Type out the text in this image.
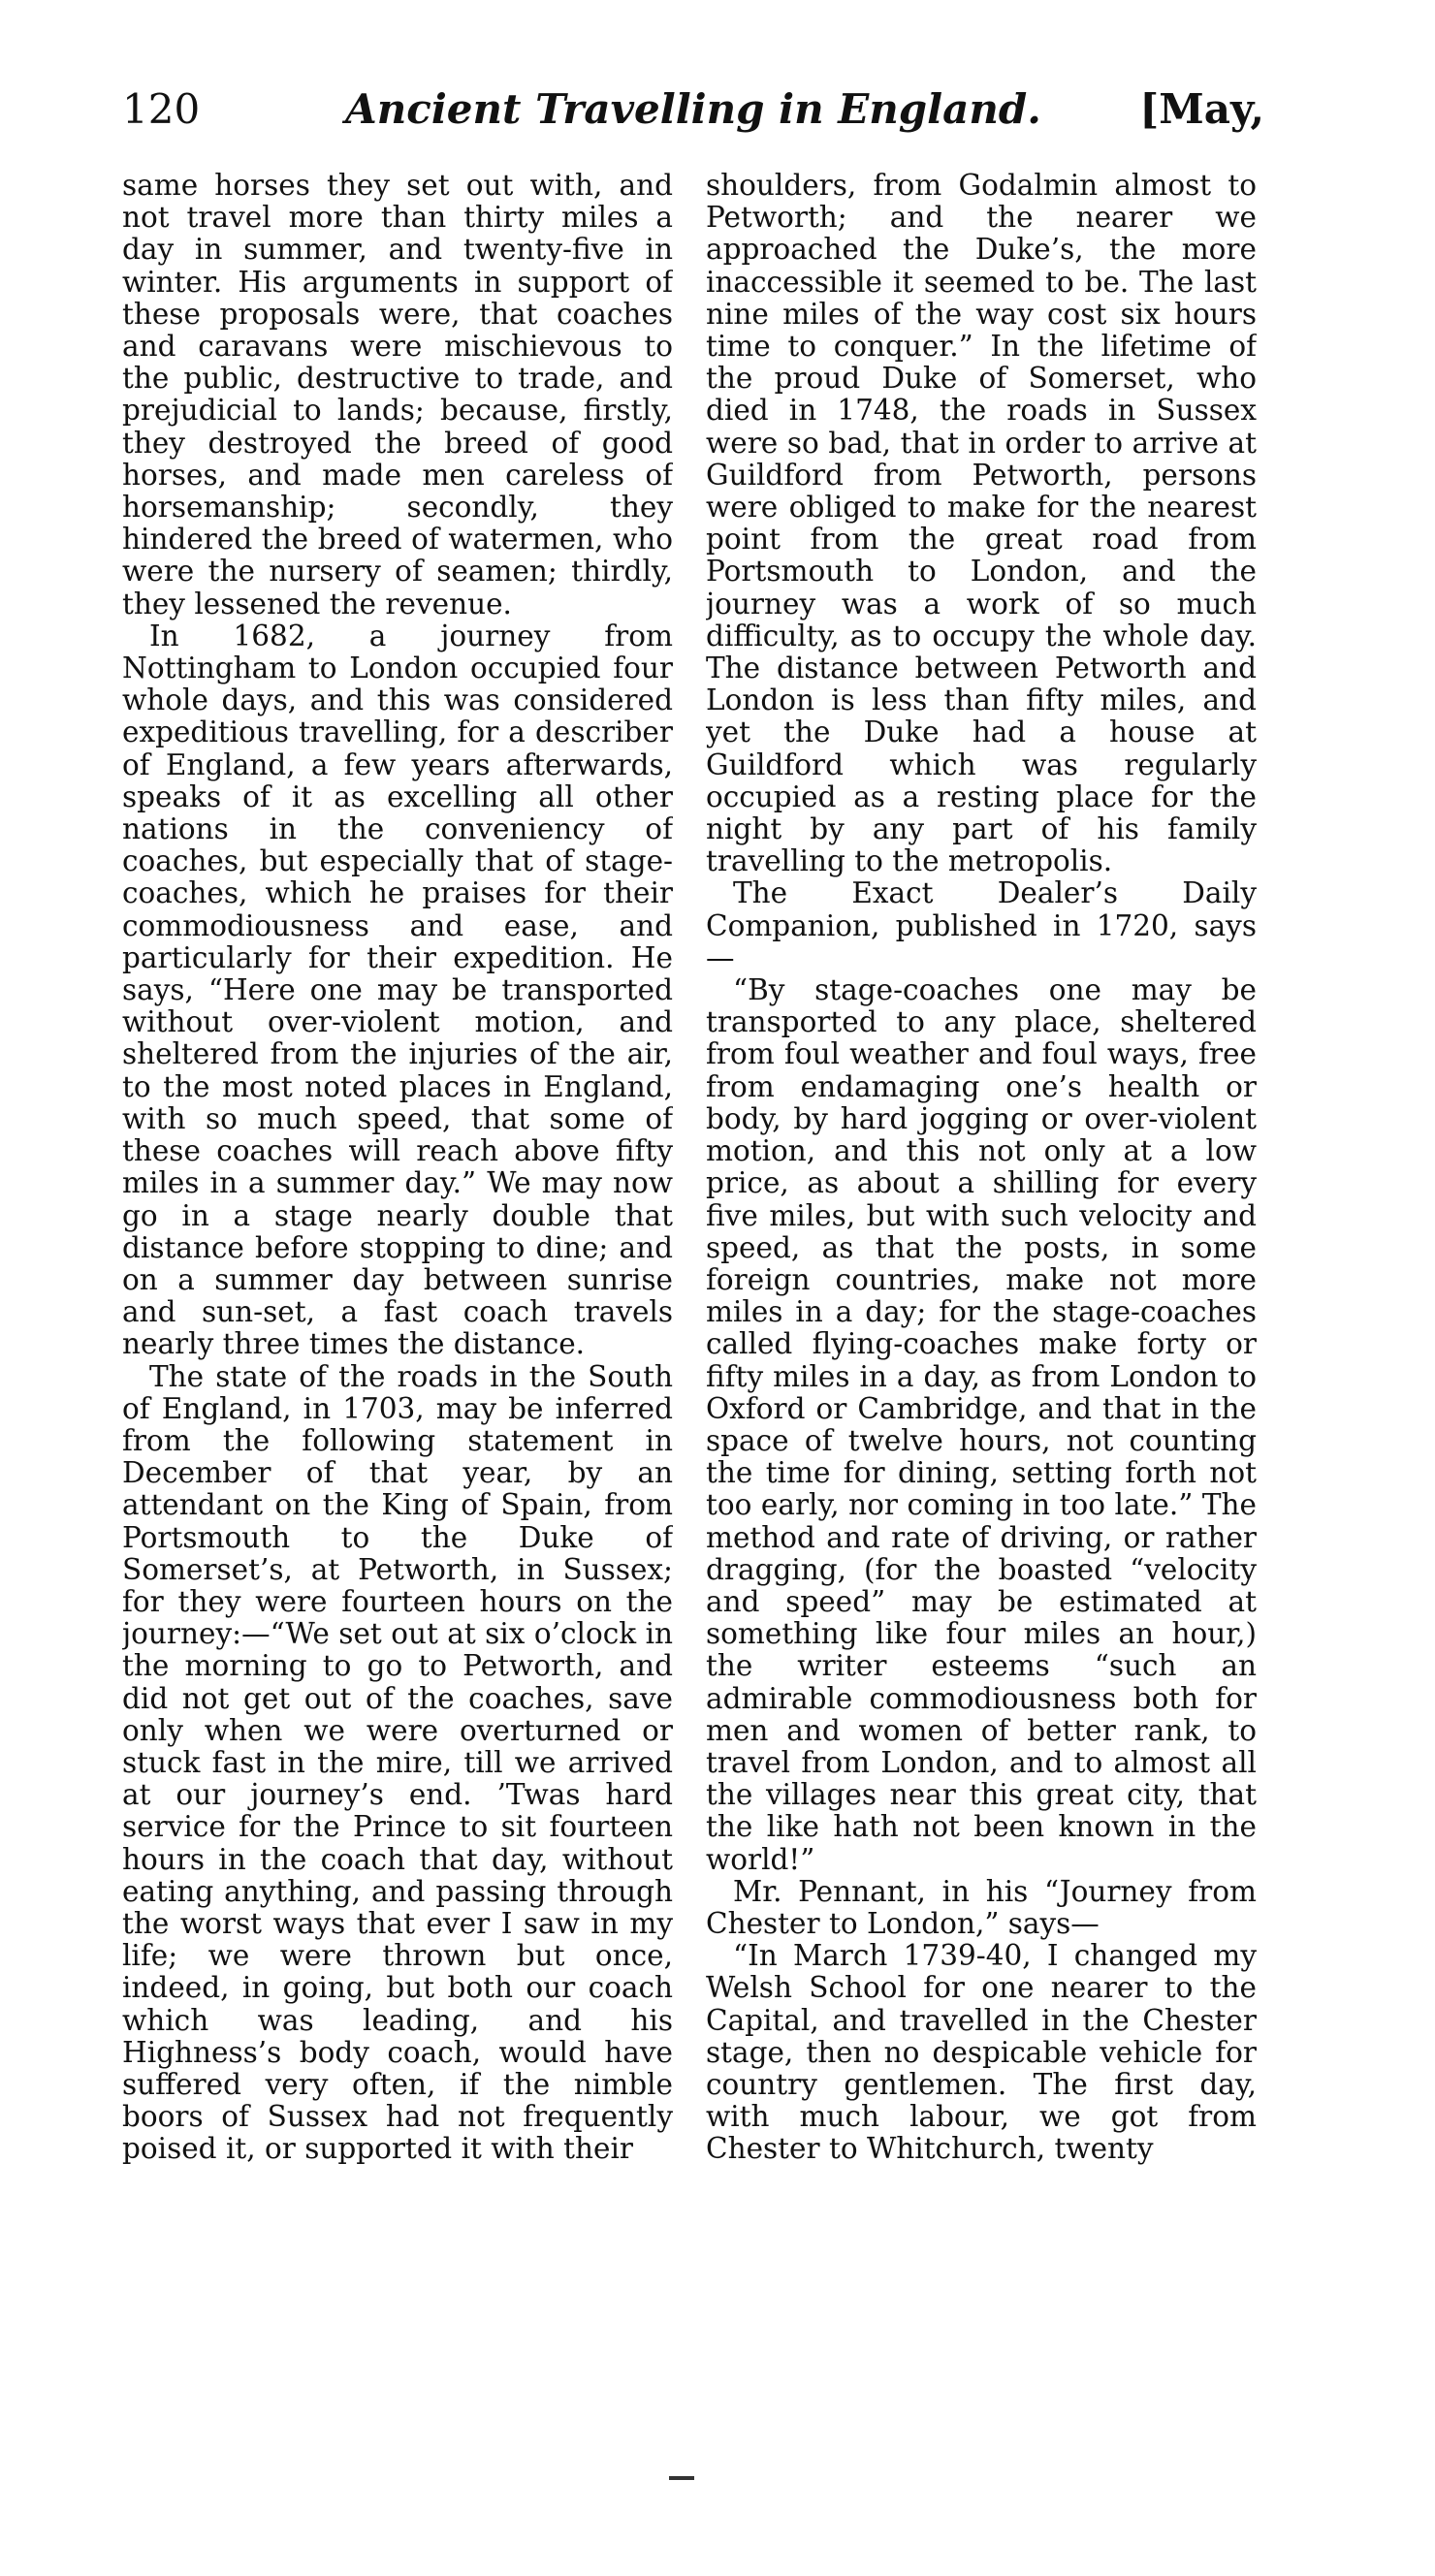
120	Ancient Travelling in England.	[May,

same horses they set out with, and not travel more than thirty miles a day in summer, and twenty-five in winter. His arguments in support of these proposals were, that coaches and caravans were mischievous to the public, destructive to trade, and prejudicial to lands; because, firstly, they destroyed the breed of good horses, and made men careless of horsemanship; secondly, they hindered the breed of watermen, who were the nursery of seamen; thirdly, they lessened the revenue.

In 1682, a journey from Nottingham to London occupied four whole days, and this was considered expeditious travelling, for a describer of England, a few years afterwards, speaks of it as excelling all other nations in the conveniency of coaches, but especially that of stage-coaches, which he praises for their commodiousness and ease, and particularly for their expedition. He says, “Here one may be transported without over-violent motion, and sheltered from the injuries of the air, to the most noted places in England, with so much speed, that some of these coaches will reach above fifty miles in a summer day.” We may now go in a stage nearly double that distance before stopping to dine; and on a summer day between sunrise and sun-set, a fast coach travels nearly three times the distance.

The state of the roads in the South of England, in 1703, may be inferred from the following statement in December of that year, by an attendant on the King of Spain, from Portsmouth to the Duke of Somerset’s, at Petworth, in Sussex; for they were fourteen hours on the journey:—“We set out at six o’clock in the morning to go to Petworth, and did not get out of the coaches, save only when we were overturned or stuck fast in the mire, till we arrived at our journey’s end. ’Twas hard service for the Prince to sit fourteen hours in the coach that day, without eating anything, and passing through the worst ways that ever I saw in my life; we were thrown but once, indeed, in going, but both our coach which was leading, and his Highness’s body coach, would have suffered very often, if the nimble boors of Sussex had not frequently poised it, or supported it with their

shoulders, from Godalmin almost to Petworth; and the nearer we approached the Duke’s, the more inaccessible it seemed to be. The last nine miles of the way cost six hours time to conquer.” In the lifetime of the proud Duke of Somerset, who died in 1748, the roads in Sussex were so bad, that in order to arrive at Guildford from Petworth, persons were obliged to make for the nearest point from the great road from Portsmouth to London, and the journey was a work of so much difficulty, as to occupy the whole day. The distance between Petworth and London is less than fifty miles, and yet the Duke had a house at Guildford which was regularly occupied as a resting place for the night by any part of his family travelling to the metropolis.

The Exact Dealer’s Daily Companion, published in 1720, says—

“By stage-coaches one may be transported to any place, sheltered from foul weather and foul ways, free from endamaging one’s health or body, by hard jogging or over-violent motion, and this not only at a low price, as about a shilling for every five miles, but with such velocity and speed, as that the posts, in some foreign countries, make not more miles in a day; for the stage-coaches called flying-coaches make forty or fifty miles in a day, as from London to Oxford or Cambridge, and that in the space of twelve hours, not counting the time for dining, setting forth not too early, nor coming in too late.” The method and rate of driving, or rather dragging, (for the boasted “velocity and speed” may be estimated at something like four miles an hour,) the writer esteems “such an admirable commodiousness both for men and women of better rank, to travel from London, and to almost all the villages near this great city, that the like hath not been known in the world!”

Mr. Pennant, in his “Journey from Chester to London,” says—

“In March 1739-40, I changed my Welsh School for one nearer to the Capital, and travelled in the Chester stage, then no despicable vehicle for country gentlemen. The first day, with much labour, we got from Chester to Whitchurch, twenty
